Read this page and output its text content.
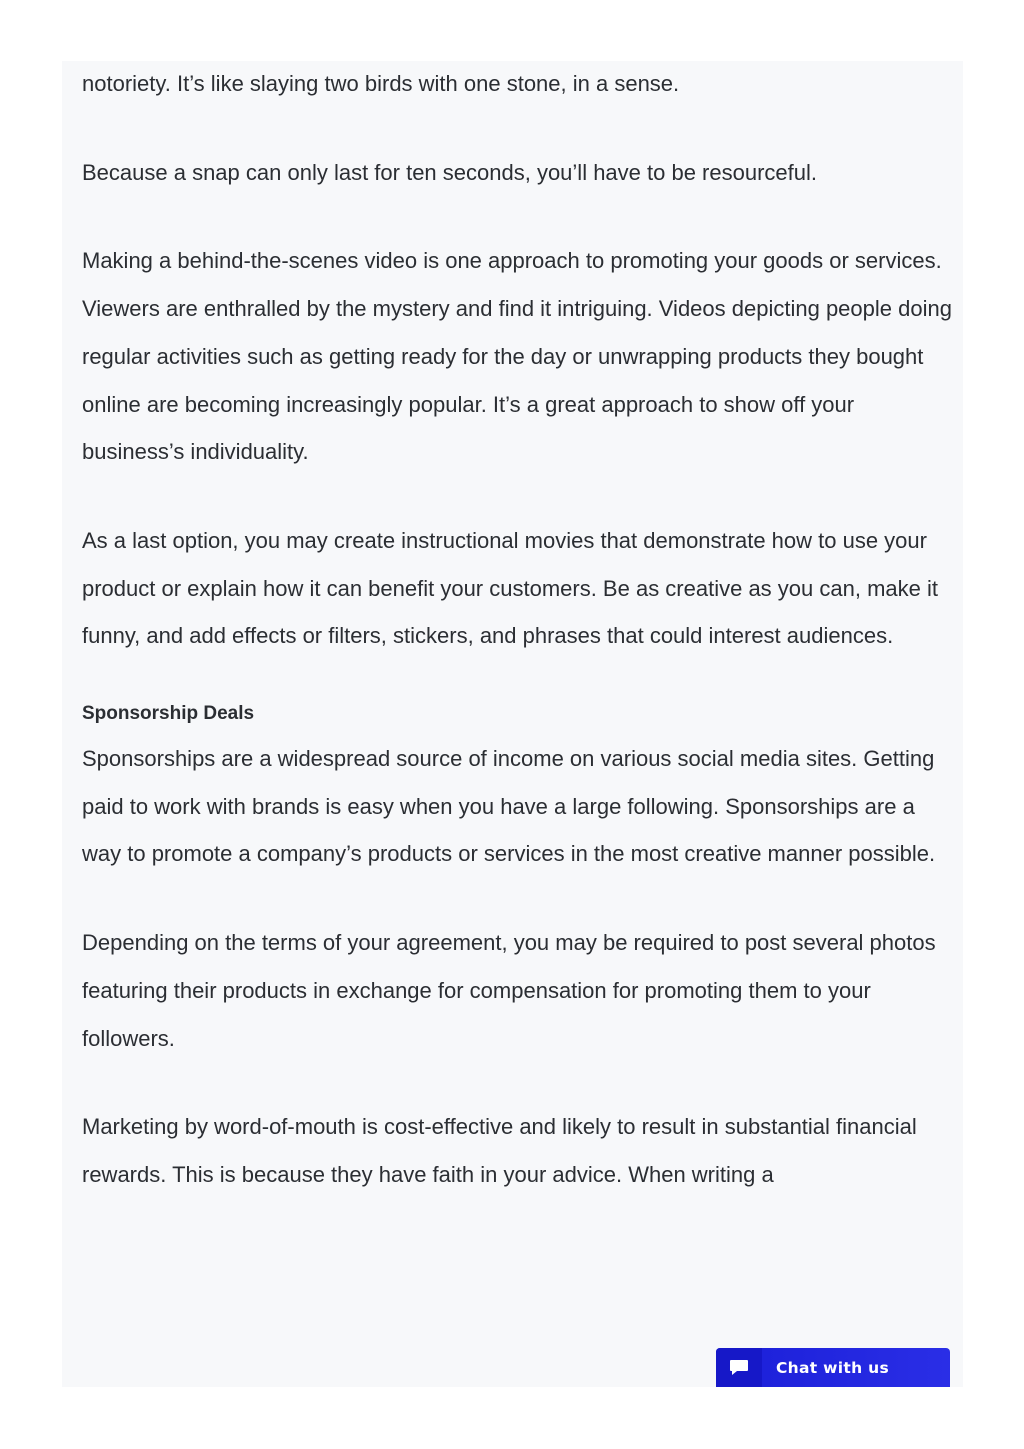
notoriety. It’s like slaying two birds with one stone, in a sense.

Because a snap can only last for ten seconds, you’ll have to be resourceful.

Making a behind-the-scenes video is one approach to promoting your goods or services. Viewers are enthralled by the mystery and find it intriguing. Videos depicting people doing regular activities such as getting ready for the day or unwrapping products they bought online are becoming increasingly popular. It’s a great approach to show off your business’s individuality.

As a last option, you may create instructional movies that demonstrate how to use your product or explain how it can benefit your customers. Be as creative as you can, make it funny, and add effects or filters, stickers, and phrases that could interest audiences.

Sponsorship Deals

Sponsorships are a widespread source of income on various social media sites. Getting paid to work with brands is easy when you have a large following. Sponsorships are a way to promote a company’s products or services in the most creative manner possible.

Depending on the terms of your agreement, you may be required to post several photos featuring their products in exchange for compensation for promoting them to your followers.

Marketing by word-of-mouth is cost-effective and likely to result in substantial financial rewards. This is because they have faith in your advice. When writing a

Chat with us
